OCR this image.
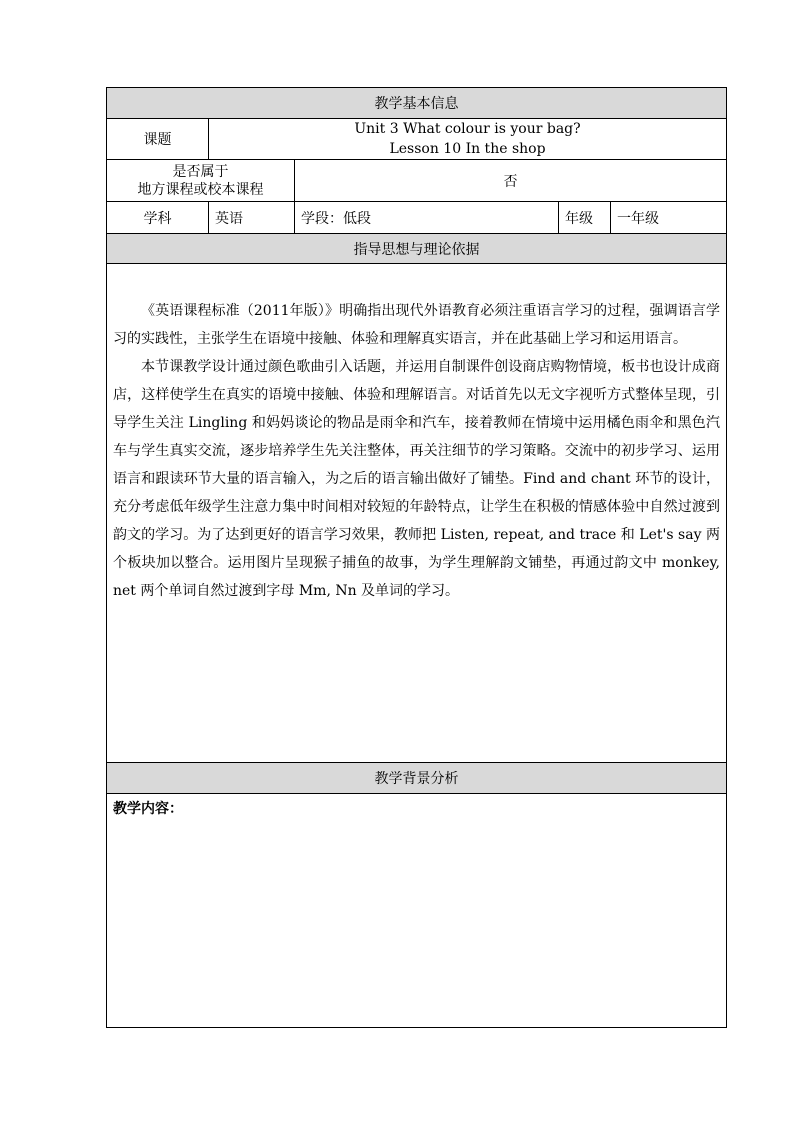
教学基本信息				
课题	Unit 3 What colour is your bag?
Lesson 10 In the shop			

是否属于
地方课程或校本课程		否		
学科	英语	学段：低段	年级	一年级
指导思想与理论依据				

《英语课程标准（2011年版）》明确指出现代外语教育必须注重语言学习的过程，强调语言学习的实践性，主张学生在语境中接触、体验和理解真实语言，并在此基础上学习和运用语言。

本节课教学设计通过颜色歌曲引入话题，并运用自制课件创设商店购物情境，板书也设计成商店，这样使学生在真实的语境中接触、体验和理解语言。对话首先以无文字视听方式整体呈现，引导学生关注 Lingling 和妈妈谈论的物品是雨伞和汽车，接着教师在情境中运用橘色雨伞和黑色汽车与学生真实交流，逐步培养学生先关注整体，再关注细节的学习策略。交流中的初步学习、运用语言和跟读环节大量的语言输入，为之后的语言输出做好了铺垫。Find and chant 环节的设计，充分考虑低年级学生注意力集中时间相对较短的年龄特点，让学生在积极的情感体验中自然过渡到韵文的学习。为了达到更好的语言学习效果，教师把 Listen, repeat, and trace 和 Let's say 两个板块加以整合。运用图片呈现猴子捕鱼的故事，为学生理解韵文铺垫，再通过韵文中 monkey, net 两个单词自然过渡到字母 Mm, Nn 及单词的学习。				

教学背景分析				

教学内容：				
